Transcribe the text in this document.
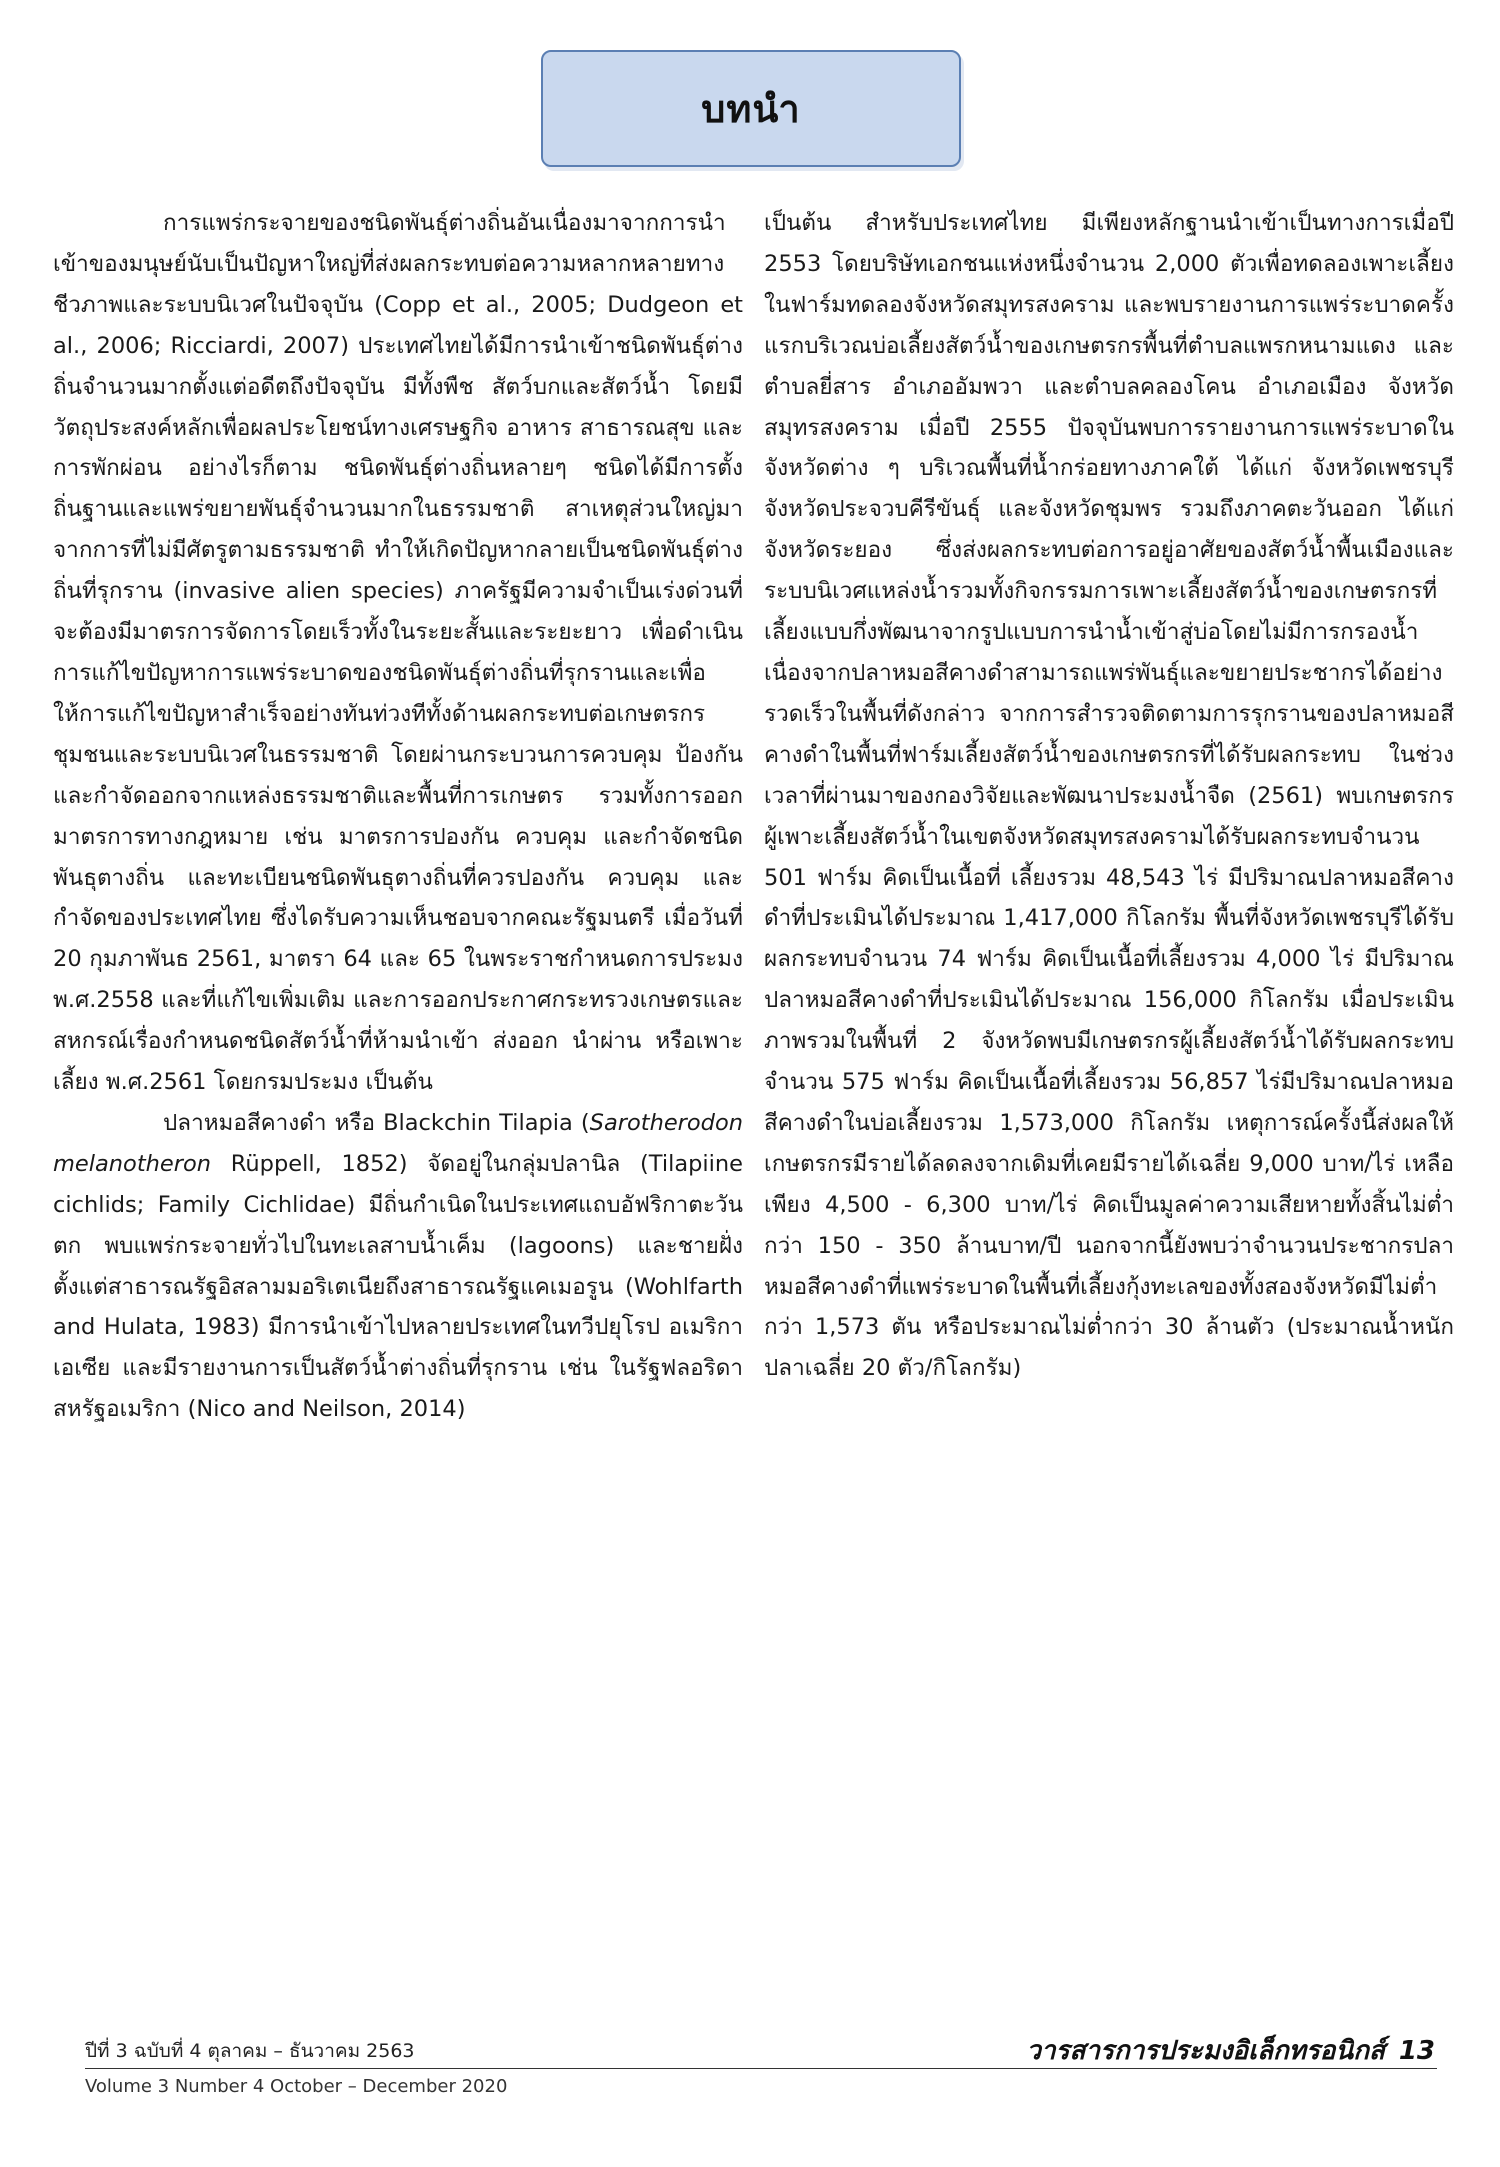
บทนำ

การแพร่กระจายของชนิดพันธุ์ต่างถิ่นอันเนื่องมาจากการนำเข้าของมนุษย์นับเป็นปัญหาใหญ่ที่ส่งผลกระทบต่อความหลากหลายทางชีวภาพและระบบนิเวศในปัจจุบัน (Copp et al., 2005; Dudgeon et al., 2006; Ricciardi, 2007) ประเทศไทยได้มีการนำเข้าชนิดพันธุ์ต่างถิ่นจำนวนมากตั้งแต่อดีตถึงปัจจุบัน มีทั้งพืช สัตว์บกและสัตว์น้ำ โดยมีวัตถุประสงค์หลักเพื่อผลประโยชน์ทางเศรษฐกิจ อาหาร สาธารณสุข และการพักผ่อน อย่างไรก็ตาม ชนิดพันธุ์ต่างถิ่นหลายๆ ชนิดได้มีการตั้งถิ่นฐานและแพร่ขยายพันธุ์จำนวนมากในธรรมชาติ สาเหตุส่วนใหญ่มาจากการที่ไม่มีศัตรูตามธรรมชาติ ทำให้เกิดปัญหากลายเป็นชนิดพันธุ์ต่างถิ่นที่รุกราน (invasive alien species) ภาครัฐมีความจำเป็นเร่งด่วนที่จะต้องมีมาตรการจัดการโดยเร็วทั้งในระยะสั้นและระยะยาว เพื่อดำเนินการแก้ไขปัญหาการแพร่ระบาดของชนิดพันธุ์ต่างถิ่นที่รุกรานและเพื่อให้การแก้ไขปัญหาสำเร็จอย่างทันท่วงทีทั้งด้านผลกระทบต่อเกษตรกรชุมชนและระบบนิเวศในธรรมชาติ โดยผ่านกระบวนการควบคุม ป้องกัน และกำจัดออกจากแหล่งธรรมชาติและพื้นที่การเกษตร รวมทั้งการออกมาตรการทางกฎหมาย เช่น มาตรการปองกัน ควบคุม และกำจัดชนิดพันธุตางถิ่น และทะเบียนชนิดพันธุตางถิ่นที่ควรปองกัน ควบคุม และ กำจัดของประเทศไทย ซึ่งไดรับความเห็นชอบจากคณะรัฐมนตรี เมื่อวันที่ 20 กุมภาพันธ 2561, มาตรา 64 และ 65 ในพระราชกำหนดการประมง พ.ศ.2558 และที่แก้ไขเพิ่มเติม และการออกประกาศกระทรวงเกษตรและสหกรณ์เรื่องกำหนดชนิดสัตว์น้ำที่ห้ามนำเข้า ส่งออก นำผ่าน หรือเพาะเลี้ยง พ.ศ.2561 โดยกรมประมง เป็นต้น

ปลาหมอสีคางดำ หรือ Blackchin Tilapia (Sarotherodon melanotheron Rüppell, 1852) จัดอยู่ในกลุ่มปลานิล (Tilapiine cichlids; Family Cichlidae) มีถิ่นกำเนิดในประเทศแถบอัฟริกาตะวันตก พบแพร่กระจายทั่วไปในทะเลสาบน้ำเค็ม (lagoons) และชายฝั่งตั้งแต่สาธารณรัฐอิสลามมอริเตเนียถึงสาธารณรัฐแคเมอรูน (Wohlfarth and Hulata, 1983) มีการนำเข้าไปหลายประเทศในทวีปยุโรป อเมริกา เอเซีย และมีรายงานการเป็นสัตว์น้ำต่างถิ่นที่รุกราน เช่น ในรัฐฟลอริดา สหรัฐอเมริกา (Nico and Neilson, 2014)

เป็นต้น สำหรับประเทศไทย มีเพียงหลักฐานนำเข้าเป็นทางการเมื่อปี 2553 โดยบริษัทเอกชนแห่งหนึ่งจำนวน 2,000 ตัวเพื่อทดลองเพาะเลี้ยงในฟาร์มทดลองจังหวัดสมุทรสงคราม และพบรายงานการแพร่ระบาดครั้งแรกบริเวณบ่อเลี้ยงสัตว์น้ำของเกษตรกรพื้นที่ตำบลแพรกหนามแดง และตำบลยี่สาร อำเภออัมพวา และตำบลคลองโคน อำเภอเมือง จังหวัดสมุทรสงคราม เมื่อปี 2555 ปัจจุบันพบการรายงานการแพร่ระบาดในจังหวัดต่าง ๆ บริเวณพื้นที่น้ำกร่อยทางภาคใต้ ได้แก่ จังหวัดเพชรบุรี จังหวัดประจวบคีรีขันธุ์ และจังหวัดชุมพร รวมถึงภาคตะวันออก ได้แก่ จังหวัดระยอง ซึ่งส่งผลกระทบต่อการอยู่อาศัยของสัตว์น้ำพื้นเมืองและระบบนิเวศแหล่งน้ำรวมทั้งกิจกรรมการเพาะเลี้ยงสัตว์น้ำของเกษตรกรที่เลี้ยงแบบกึ่งพัฒนาจากรูปแบบการนำน้ำเข้าสู่บ่อโดยไม่มีการกรองน้ำ เนื่องจากปลาหมอสีคางดำสามารถแพร่พันธุ์และขยายประชากรได้อย่างรวดเร็วในพื้นที่ดังกล่าว จากการสำรวจติดตามการรุกรานของปลาหมอสีคางดำในพื้นที่ฟาร์มเลี้ยงสัตว์น้ำของเกษตรกรที่ได้รับผลกระทบ ในช่วงเวลาที่ผ่านมาของกองวิจัยและพัฒนาประมงน้ำจืด (2561) พบเกษตรกรผู้เพาะเลี้ยงสัตว์น้ำในเขตจังหวัดสมุทรสงครามได้รับผลกระทบจำนวน 501 ฟาร์ม คิดเป็นเนื้อที่ เลี้ยงรวม 48,543 ไร่ มีปริมาณปลาหมอสีคางดำที่ประเมินได้ประมาณ 1,417,000 กิโลกรัม พื้นที่จังหวัดเพชรบุรีได้รับผลกระทบจำนวน 74 ฟาร์ม คิดเป็นเนื้อที่เลี้ยงรวม 4,000 ไร่ มีปริมาณปลาหมอสีคางดำที่ประเมินได้ประมาณ 156,000 กิโลกรัม เมื่อประเมินภาพรวมในพื้นที่ 2 จังหวัดพบมีเกษตรกรผู้เลี้ยงสัตว์น้ำได้รับผลกระทบจำนวน 575 ฟาร์ม คิดเป็นเนื้อที่เลี้ยงรวม 56,857 ไร่มีปริมาณปลาหมอสีคางดำในบ่อเลี้ยงรวม 1,573,000 กิโลกรัม เหตุการณ์ครั้งนี้ส่งผลให้เกษตรกรมีรายได้ลดลงจากเดิมที่เคยมีรายได้เฉลี่ย 9,000 บาท/ไร่ เหลือเพียง 4,500 - 6,300 บาท/ไร่ คิดเป็นมูลค่าความเสียหายทั้งสิ้นไม่ต่ำกว่า 150 - 350 ล้านบาท/ปี นอกจากนี้ยังพบว่าจำนวนประชากรปลาหมอสีคางดำที่แพร่ระบาดในพื้นที่เลี้ยงกุ้งทะเลของทั้งสองจังหวัดมีไม่ต่ำกว่า 1,573 ตัน หรือประมาณไม่ต่ำกว่า 30 ล้านตัว (ประมาณน้ำหนักปลาเฉลี่ย 20 ตัว/กิโลกรัม)

ปีที่ 3 ฉบับที่ 4 ตุลาคม – ธันวาคม 2563
Volume 3 Number 4 October – December 2020
วารสารการประมงอิเล็กทรอนิกส์ 13
